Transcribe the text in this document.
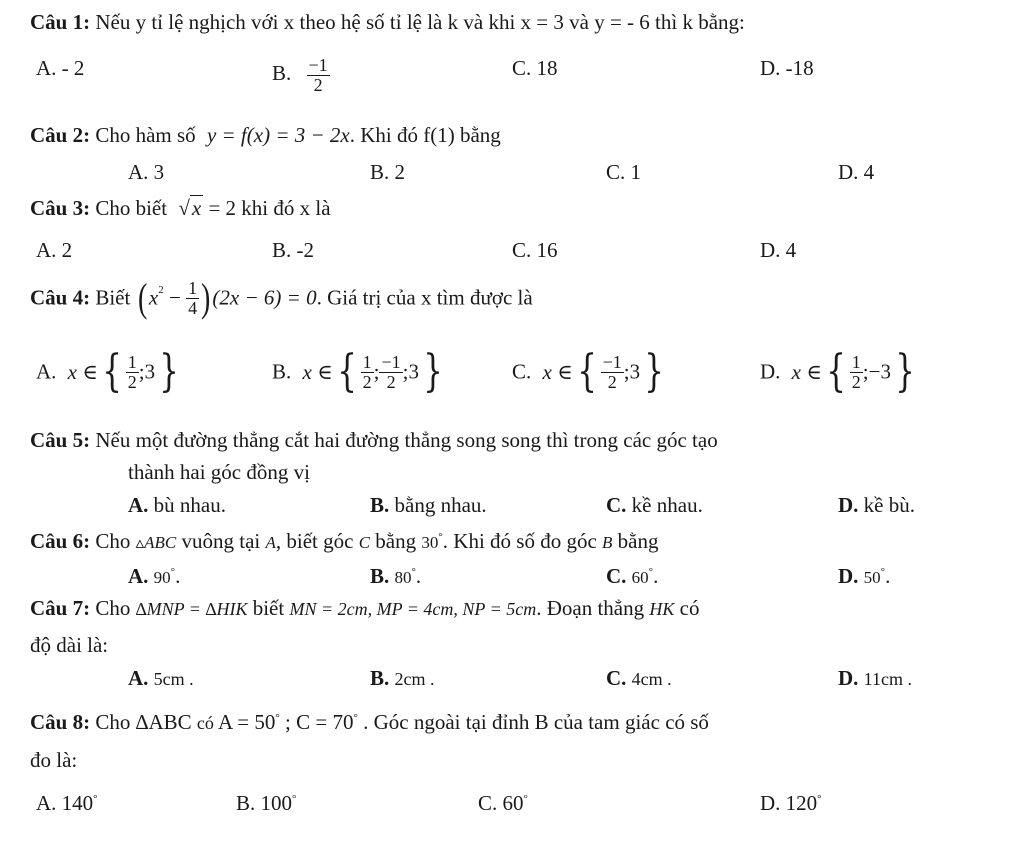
Câu 1: Nếu y tỉ lệ nghịch với x theo hệ số tỉ lệ là k và khi x = 3 và y = - 6 thì k bằng:
A. - 2	B. $\frac{-1}{2}$	C. 18	D. -18
Câu 2: Cho hàm số y = f(x) = 3 − 2x. Khi đó f(1) bằng
A. 3	B. 2	C. 1	D. 4
Câu 3: Cho biết √x = 2 khi đó x là
A. 2	B. -2	C. 16	D. 4
Câu 4: Biết $(x^2 - \frac{1}{4} )(2x - 6) = 0$. Giá trị của x tìm được là
A. x ∈{ $\frac{1}{2}$ ;3}	B. x ∈{ $\frac{1}{2}$ ; $\frac{-1}{2}$ ;3}	C. x ∈{ $\frac{-1}{2}$ ;3}	D. x ∈{ $\frac{1}{2}$ ;−3}
Câu 5: Nếu một đường thẳng cắt hai đường thẳng song song thì trong các góc tạo
thành hai góc đồng vị
A. bù nhau.	B. bằng nhau.	C. kề nhau.	D. kề bù.
Câu 6: Cho ▵ABC vuông tại A, biết góc C bằng 30°. Khi đó số đo góc B bằng
A. 90°.	B. 80°.	C. 60°.	D. 50°.
Câu 7: Cho ∆MNP = ∆HIK biết MN = 2cm, MP = 4cm, NP = 5cm. Đoạn thẳng HK có
độ dài là:
A. 5cm .	B. 2cm .	C. 4cm .	D. 11cm .
Câu 8: Cho ∆ABC có A = 50° ; C = 70° . Góc ngoài tại đỉnh B của tam giác có số
đo là:
A. 140°	B. 100°	C. 60°	D. 120°
